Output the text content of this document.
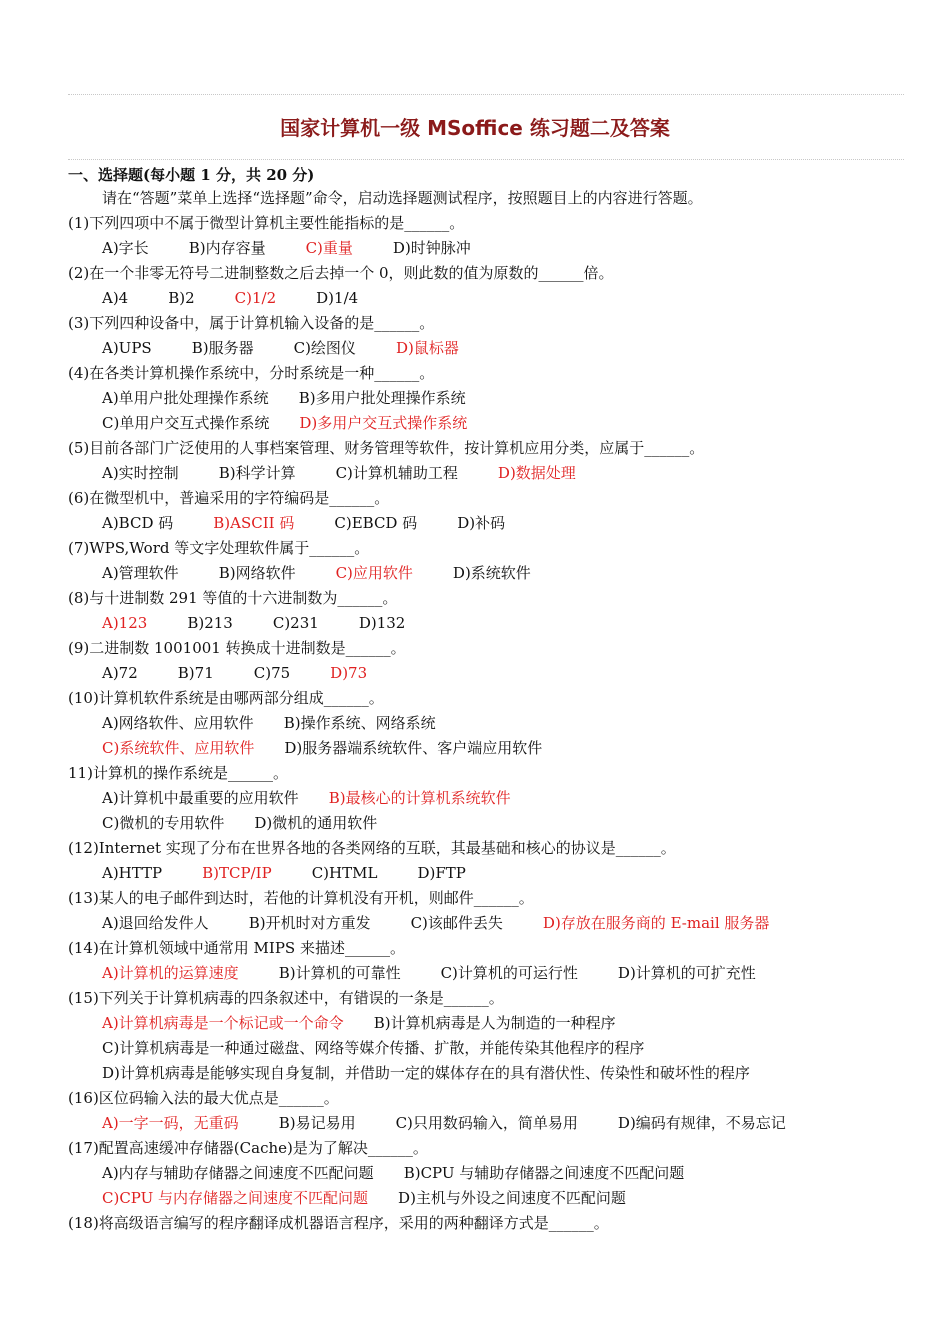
国家计算机一级 MSoffice 练习题二及答案
一、选择题(每小题 1 分，共 20 分)
请在“答题”菜单上选择“选择题”命令，启动选择题测试程序，按照题目上的内容进行答题。
(1)下列四项中不属于微型计算机主要性能指标的是______。
A)字长	B)内存容量	C)重量	D)时钟脉冲
(2)在一个非零无符号二进制整数之后去掉一个 0，则此数的值为原数的______倍。
A)4	B)2	C)1/2	D)1/4
(3)下列四种设备中，属于计算机输入设备的是______。
A)UPS	B)服务器	C)绘图仪	D)鼠标器
(4)在各类计算机操作系统中，分时系统是一种______。
A)单用户批处理操作系统 B)多用户批处理操作系统
C)单用户交互式操作系统 D)多用户交互式操作系统
(5)目前各部门广泛使用的人事档案管理、财务管理等软件，按计算机应用分类，应属于______。
A)实时控制	B)科学计算	C)计算机辅助工程	D)数据处理
(6)在微型机中，普遍采用的字符编码是______。
A)BCD 码	B)ASCII 码	C)EBCD 码	D)补码
(7)WPS,Word 等文字处理软件属于______。
A)管理软件	B)网络软件	C)应用软件	D)系统软件
(8)与十进制数 291 等值的十六进制数为______。
A)123	B)213	C)231	D)132
(9)二进制数 1001001 转换成十进制数是______。
A)72	B)71	C)75	D)73
(10)计算机软件系统是由哪两部分组成______。
A)网络软件、应用软件 B)操作系统、网络系统
C)系统软件、应用软件 D)服务器端系统软件、客户端应用软件
11)计算机的操作系统是______。
A)计算机中最重要的应用软件 B)最核心的计算机系统软件
C)微机的专用软件 D)微机的通用软件
(12)Internet 实现了分布在世界各地的各类网络的互联，其最基础和核心的协议是______。
A)HTTP	B)TCP/IP	C)HTML	D)FTP
(13)某人的电子邮件到达时，若他的计算机没有开机，则邮件______。
A)退回给发件人	B)开机时对方重发	C)该邮件丢失	D)存放在服务商的 E-mail 服务器
(14)在计算机领域中通常用 MIPS 来描述______。
A)计算机的运算速度	B)计算机的可靠性	C)计算机的可运行性	D)计算机的可扩充性
(15)下列关于计算机病毒的四条叙述中，有错误的一条是______。
A)计算机病毒是一个标记或一个命令 B)计算机病毒是人为制造的一种程序
C)计算机病毒是一种通过磁盘、网络等媒介传播、扩散，并能传染其他程序的程序
D)计算机病毒是能够实现自身复制，并借助一定的媒体存在的具有潜伏性、传染性和破坏性的程序
(16)区位码输入法的最大优点是______。
A)一字一码，无重码	B)易记易用	C)只用数码输入，简单易用	D)编码有规律，不易忘记
(17)配置高速缓冲存储器(Cache)是为了解决______。
A)内存与辅助存储器之间速度不匹配问题 B)CPU 与辅助存储器之间速度不匹配问题
C)CPU 与内存储器之间速度不匹配问题 D)主机与外设之间速度不匹配问题
(18)将高级语言编写的程序翻译成机器语言程序，采用的两种翻译方式是______。
